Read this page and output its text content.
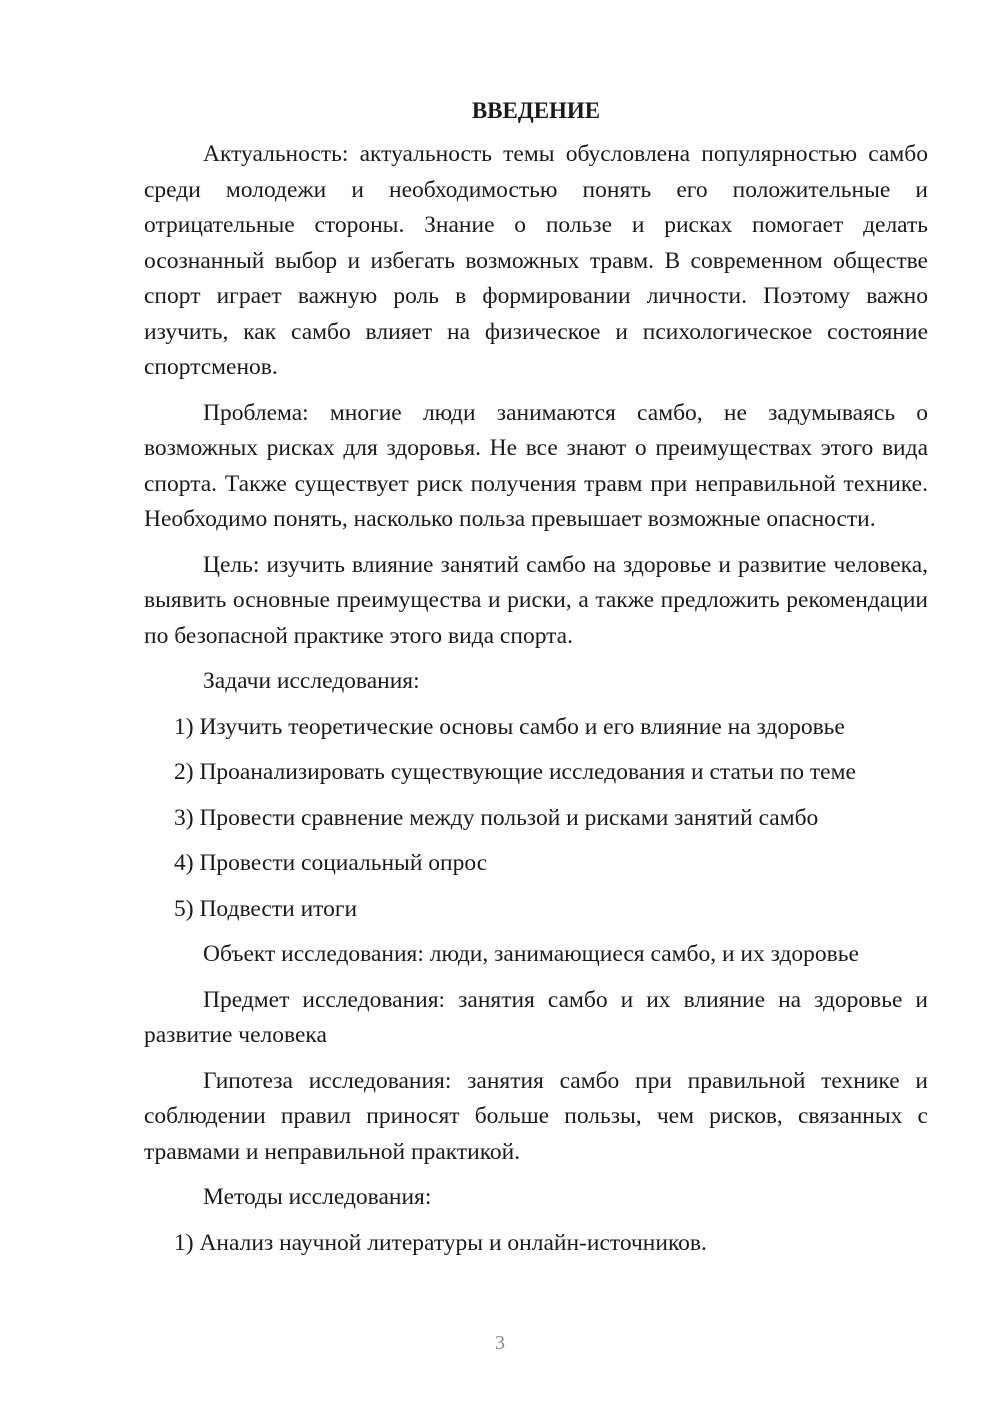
ВВЕДЕНИЕ

Актуальность: актуальность темы обусловлена популярностью самбо среди молодежи и необходимостью понять его положительные и отрицательные стороны. Знание о пользе и рисках помогает делать осознанный выбор и избегать возможных травм. В современном обществе спорт играет важную роль в формировании личности. Поэтому важно изучить, как самбо влияет на физическое и психологическое состояние спортсменов.

Проблема: многие люди занимаются самбо, не задумываясь о возможных рисках для здоровья. Не все знают о преимуществах этого вида спорта. Также существует риск получения травм при неправильной технике. Необходимо понять, насколько польза превышает возможные опасности.

Цель: изучить влияние занятий самбо на здоровье и развитие человека, выявить основные преимущества и риски, а также предложить рекомендации по безопасной практике этого вида спорта.

Задачи исследования:

1) Изучить теоретические основы самбо и его влияние на здоровье

2) Проанализировать существующие исследования и статьи по теме

3) Провести сравнение между пользой и рисками занятий самбо

4) Провести социальный опрос

5) Подвести итоги

Объект исследования: люди, занимающиеся самбо, и их здоровье

Предмет исследования: занятия самбо и их влияние на здоровье и развитие человека

Гипотеза исследования: занятия самбо при правильной технике и соблюдении правил приносят больше пользы, чем рисков, связанных с травмами и неправильной практикой.

Методы исследования:

1) Анализ научной литературы и онлайн-источников.

3
